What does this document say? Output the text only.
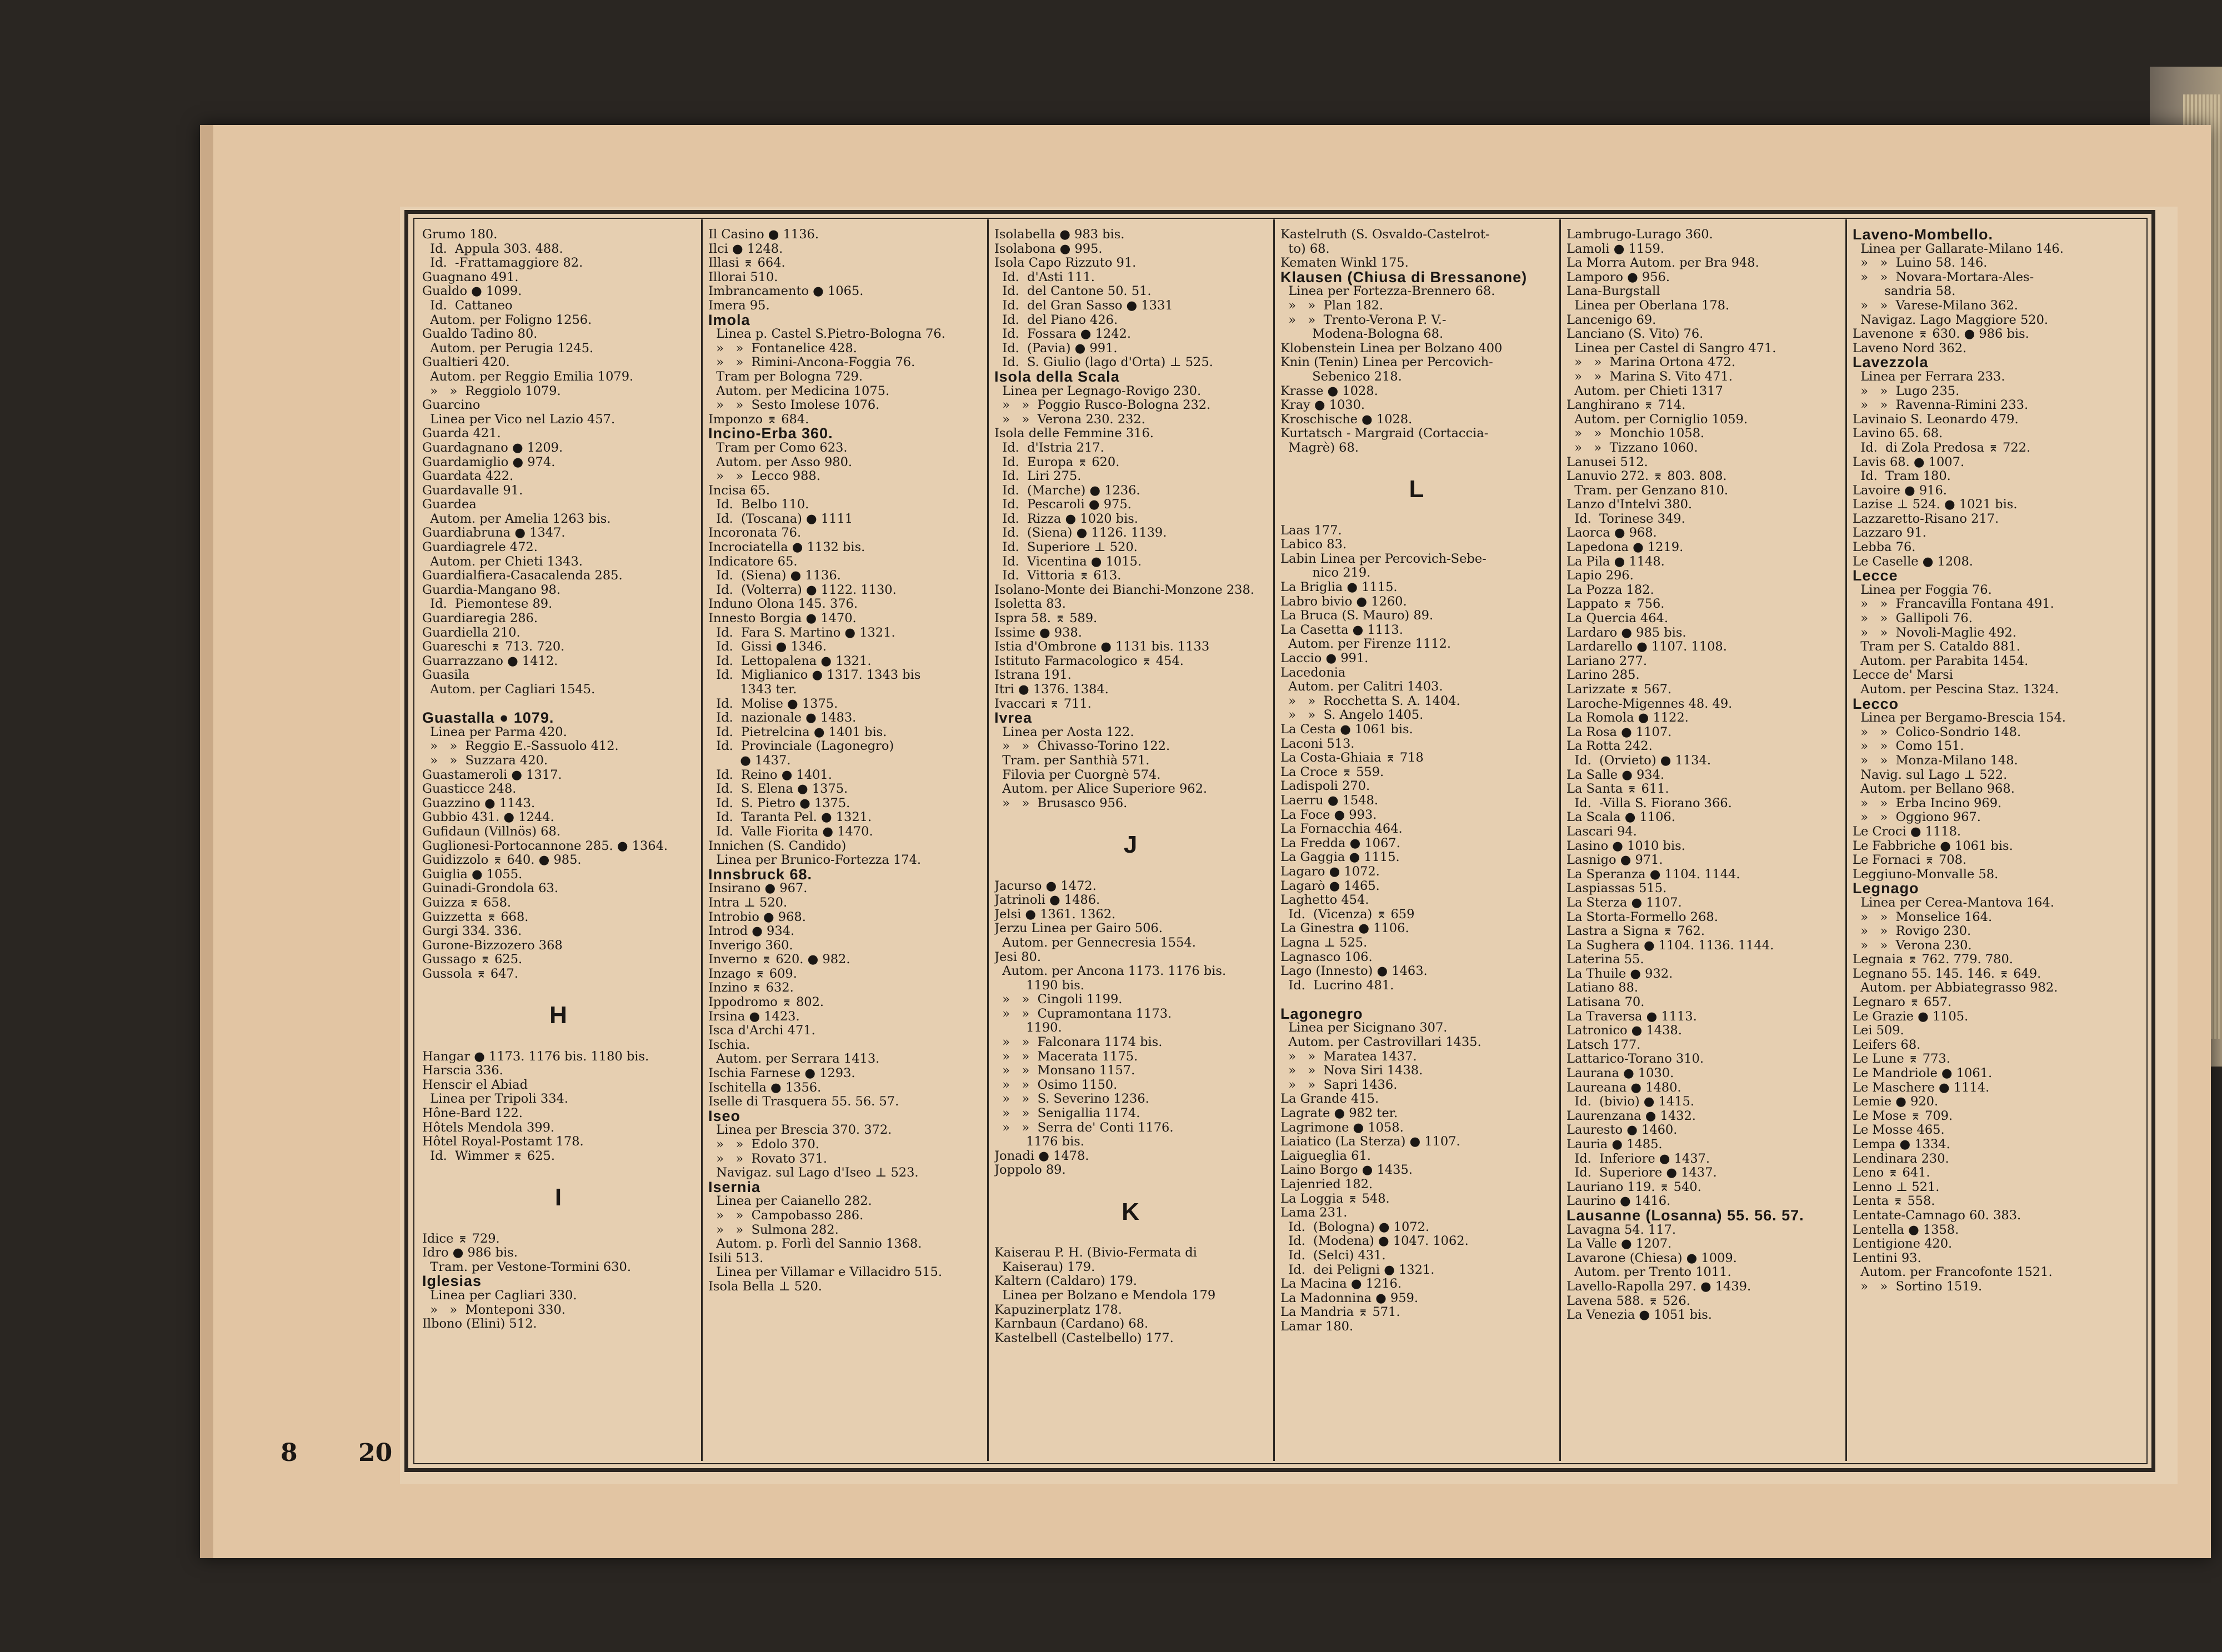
Grumo 180.
Id.  Appula 303. 488.
Id.  -Frattamaggiore 82.
Guagnano 491.
Gualdo ● 1099.
Id.  Cattaneo
Autom. per Foligno 1256.
Gualdo Tadino 80.
Autom. per Perugia 1245.
Gualtieri 420.
Autom. per Reggio Emilia 1079.
»   »  Reggiolo 1079.
Guarcino
Linea per Vico nel Lazio 457.
Guarda 421.
Guardagnano ● 1209.
Guardamiglio ● 974.
Guardata 422.
Guardavalle 91.
Guardea
Autom. per Amelia 1263 bis.
Guardiabruna ● 1347.
Guardiagrele 472.
Autom. per Chieti 1343.
Guardialfiera-Casacalenda 285.
Guardia-Mangano 98.
Id.  Piemontese 89.
Guardiaregia 286.
Guardiella 210.
Guareschi ⌆ 713. 720.
Guarrazzano ● 1412.
Guasila
Autom. per Cagliari 1545.
Guastalla ● 1079.
Linea per Parma 420.
»   »  Reggio E.-Sassuolo 412.
»   »  Suzzara 420.
Guastameroli ● 1317.
Guasticce 248.
Guazzino ● 1143.
Gubbio 431. ● 1244.
Gufidaun (Villnös) 68.
Guglionesi-Portocannone 285. ● 1364.
Guidizzolo ⌆ 640. ● 985.
Guiglia ● 1055.
Guinadi-Grondola 63.
Guizza ⌆ 658.
Guizzetta ⌆ 668.
Gurgi 334. 336.
Gurone-Bizzozero 368
Gussago ⌆ 625.
Gussola ⌆ 647.
H
Hangar ● 1173. 1176 bis. 1180 bis.
Harscia 336.
Henscir el Abiad
Linea per Tripoli 334.
Hône-Bard 122.
Hôtels Mendola 399.
Hôtel Royal-Postamt 178.
Id.  Wimmer ⌆ 625.
I
Idice ⌆ 729.
Idro ● 986 bis.
Tram. per Vestone-Tormini 630.
Iglesias
Linea per Cagliari 330.
»   »  Monteponi 330.
Ilbono (Elini) 512.
Il Casino ● 1136.
Ilci ● 1248.
Illasi ⌆ 664.
Illorai 510.
Imbrancamento ● 1065.
Imera 95.
Imola
Linea p. Castel S.Pietro-Bologna 76.
»   »  Fontanelice 428.
»   »  Rimini-Ancona-Foggia 76.
Tram per Bologna 729.
Autom. per Medicina 1075.
»   »  Sesto Imolese 1076.
Imponzo ⌆ 684.
Incino-Erba 360.
Tram per Como 623.
Autom. per Asso 980.
»   »  Lecco 988.
Incisa 65.
Id.  Belbo 110.
Id.  (Toscana) ● 1111
Incoronata 76.
Incrociatella ● 1132 bis.
Indicatore 65.
Id.  (Siena) ● 1136.
Id.  (Volterra) ● 1122. 1130.
Induno Olona 145. 376.
Innesto Borgia ● 1470.
Id.  Fara S. Martino ● 1321.
Id.  Gissi ● 1346.
Id.  Lettopalena ● 1321.
Id.  Miglianico ● 1317. 1343 bis
1343 ter.
Id.  Molise ● 1375.
Id.  nazionale ● 1483.
Id.  Pietrelcina ● 1401 bis.
Id.  Provinciale (Lagonegro)
● 1437.
Id.  Reino ● 1401.
Id.  S. Elena ● 1375.
Id.  S. Pietro ● 1375.
Id.  Taranta Pel. ● 1321.
Id.  Valle Fiorita ● 1470.
Innichen (S. Candido)
Linea per Brunico-Fortezza 174.
Innsbruck 68.
Insirano ● 967.
Intra ⊥ 520.
Introbio ● 968.
Introd ● 934.
Inverigo 360.
Inverno ⌆ 620. ● 982.
Inzago ⌆ 609.
Inzino ⌆ 632.
Ippodromo ⌆ 802.
Irsina ● 1423.
Isca d'Archi 471.
Ischia.
Autom. per Serrara 1413.
Ischia Farnese ● 1293.
Ischitella ● 1356.
Iselle di Trasquera 55. 56. 57.
Iseo
Linea per Brescia 370. 372.
»   »  Edolo 370.
»   »  Rovato 371.
Navigaz. sul Lago d'Iseo ⊥ 523.
Isernia
Linea per Caianello 282.
»   »  Campobasso 286.
»   »  Sulmona 282.
Autom. p. Forlì del Sannio 1368.
Isili 513.
Linea per Villamar e Villacidro 515.
Isola Bella ⊥ 520.
Isolabella ● 983 bis.
Isolabona ● 995.
Isola Capo Rizzuto 91.
Id.  d'Asti 111.
Id.  del Cantone 50. 51.
Id.  del Gran Sasso ● 1331
Id.  del Piano 426.
Id.  Fossara ● 1242.
Id.  (Pavia) ● 991.
Id.  S. Giulio (lago d'Orta) ⊥ 525.
Isola della Scala
Linea per Legnago-Rovigo 230.
»   »  Poggio Rusco-Bologna 232.
»   »  Verona 230. 232.
Isola delle Femmine 316.
Id.  d'Istria 217.
Id.  Europa ⌆ 620.
Id.  Liri 275.
Id.  (Marche) ● 1236.
Id.  Pescaroli ● 975.
Id.  Rizza ● 1020 bis.
Id.  (Siena) ● 1126. 1139.
Id.  Superiore ⊥ 520.
Id.  Vicentina ● 1015.
Id.  Vittoria ⌆ 613.
Isolano-Monte dei Bianchi-Monzone 238.
Isoletta 83.
Ispra 58. ⌆ 589.
Issime ● 938.
Istia d'Ombrone ● 1131 bis. 1133
Istituto Farmacologico ⌆ 454.
Istrana 191.
Itri ● 1376. 1384.
Ivaccari ⌆ 711.
Ivrea
Linea per Aosta 122.
»   »  Chivasso-Torino 122.
Tram. per Santhià 571.
Filovia per Cuorgnè 574.
Autom. per Alice Superiore 962.
»   »  Brusasco 956.
J
Jacurso ● 1472.
Jatrinoli ● 1486.
Jelsi ● 1361. 1362.
Jerzu Linea per Gairo 506.
Autom. per Gennecresia 1554.
Jesi 80.
Autom. per Ancona 1173. 1176 bis.
1190 bis.
»   »  Cingoli 1199.
»   »  Cupramontana 1173.
1190.
»   »  Falconara 1174 bis.
»   »  Macerata 1175.
»   »  Monsano 1157.
»   »  Osimo 1150.
»   »  S. Severino 1236.
»   »  Senigallia 1174.
»   »  Serra de' Conti 1176.
1176 bis.
Jonadi ● 1478.
Joppolo 89.
K
Kaiserau P. H. (Bivio-Fermata di
Kaiserau) 179.
Kaltern (Caldaro) 179.
Linea per Bolzano e Mendola 179
Kapuzinerplatz 178.
Karnbaun (Cardano) 68.
Kastelbell (Castelbello) 177.
Kastelruth (S. Osvaldo-Castelrot-
to) 68.
Kematen Winkl 175.
Klausen (Chiusa di Bressanone)
Linea per Fortezza-Brennero 68.
»   »  Plan 182.
»   »  Trento-Verona P. V.-
Modena-Bologna 68.
Klobenstein Linea per Bolzano 400
Knin (Tenin) Linea per Percovich-
Sebenico 218.
Krasse ● 1028.
Kray ● 1030.
Kroschische ● 1028.
Kurtatsch - Margraid (Cortaccia-
Magrè) 68.
L
Laas 177.
Labico 83.
Labin Linea per Percovich-Sebe-
nico 219.
La Briglia ● 1115.
Labro bivio ● 1260.
La Bruca (S. Mauro) 89.
La Casetta ● 1113.
Autom. per Firenze 1112.
Laccio ● 991.
Lacedonia
Autom. per Calitri 1403.
»   »  Rocchetta S. A. 1404.
»   »  S. Angelo 1405.
La Cesta ● 1061 bis.
Laconi 513.
La Costa-Ghiaia ⌆ 718
La Croce ⌆ 559.
Ladispoli 270.
Laerru ● 1548.
La Foce ● 993.
La Fornacchia 464.
La Fredda ● 1067.
La Gaggia ● 1115.
Lagaro ● 1072.
Lagarò ● 1465.
Laghetto 454.
Id.  (Vicenza) ⌆ 659
La Ginestra ● 1106.
Lagna ⊥ 525.
Lagnasco 106.
Lago (Innesto) ● 1463.
Id.  Lucrino 481.
Lagonegro
Linea per Sicignano 307.
Autom. per Castrovillari 1435.
»   »  Maratea 1437.
»   »  Nova Siri 1438.
»   »  Sapri 1436.
La Grande 415.
Lagrate ● 982 ter.
Lagrimone ● 1058.
Laiatico (La Sterza) ● 1107.
Laigueglia 61.
Laino Borgo ● 1435.
Lajenried 182.
La Loggia ⌆ 548.
Lama 231.
Id.  (Bologna) ● 1072.
Id.  (Modena) ● 1047. 1062.
Id.  (Selci) 431.
Id.  dei Peligni ● 1321.
La Macina ● 1216.
La Madonnina ● 959.
La Mandria ⌆ 571.
Lamar 180.
Lambrugo-Lurago 360.
Lamoli ● 1159.
La Morra Autom. per Bra 948.
Lamporo ● 956.
Lana-Burgstall
Linea per Oberlana 178.
Lancenigo 69.
Lanciano (S. Vito) 76.
Linea per Castel di Sangro 471.
»   »  Marina Ortona 472.
»   »  Marina S. Vito 471.
Autom. per Chieti 1317
Langhirano ⌆ 714.
Autom. per Corniglio 1059.
»   »  Monchio 1058.
»   »  Tizzano 1060.
Lanusei 512.
Lanuvio 272. ⌆ 803. 808.
Tram. per Genzano 810.
Lanzo d'Intelvi 380.
Id.  Torinese 349.
Laorca ● 968.
Lapedona ● 1219.
La Pila ● 1148.
Lapio 296.
La Pozza 182.
Lappato ⌆ 756.
La Quercia 464.
Lardaro ● 985 bis.
Lardarello ● 1107. 1108.
Lariano 277.
Larino 285.
Larizzate ⌆ 567.
Laroche-Migennes 48. 49.
La Romola ● 1122.
La Rosa ● 1107.
La Rotta 242.
Id.  (Orvieto) ● 1134.
La Salle ● 934.
La Santa ⌆ 611.
Id.  -Villa S. Fiorano 366.
La Scala ● 1106.
Lascari 94.
Lasino ● 1010 bis.
Lasnigo ● 971.
La Speranza ● 1104. 1144.
Laspiassas 515.
La Sterza ● 1107.
La Storta-Formello 268.
Lastra a Signa ⌆ 762.
La Sughera ● 1104. 1136. 1144.
Laterina 55.
La Thuile ● 932.
Latiano 88.
Latisana 70.
La Traversa ● 1113.
Latronico ● 1438.
Latsch 177.
Lattarico-Torano 310.
Laurana ● 1030.
Laureana ● 1480.
Id.  (bivio) ● 1415.
Laurenzana ● 1432.
Lauresto ● 1460.
Lauria ● 1485.
Id.  Inferiore ● 1437.
Id.  Superiore ● 1437.
Lauriano 119. ⌆ 540.
Laurino ● 1416.
Lausanne (Losanna) 55. 56. 57.
Lavagna 54. 117.
La Valle ● 1207.
Lavarone (Chiesa) ● 1009.
Autom. per Trento 1011.
Lavello-Rapolla 297. ● 1439.
Lavena 588. ⌆ 526.
La Venezia ● 1051 bis.
Laveno-Mombello.
Linea per Gallarate-Milano 146.
»   »  Luino 58. 146.
»   »  Novara-Mortara-Ales-
sandria 58.
»   »  Varese-Milano 362.
Navigaz. Lago Maggiore 520.
Lavenone ⌆ 630. ● 986 bis.
Laveno Nord 362.
Lavezzola
Linea per Ferrara 233.
»   »  Lugo 235.
»   »  Ravenna-Rimini 233.
Lavinaio S. Leonardo 479.
Lavino 65. 68.
Id.  di Zola Predosa ⌆ 722.
Lavis 68. ● 1007.
Id.  Tram 180.
Lavoire ● 916.
Lazise ⊥ 524. ● 1021 bis.
Lazzaretto-Risano 217.
Lazzaro 91.
Lebba 76.
Le Caselle ● 1208.
Lecce
Linea per Foggia 76.
»   »  Francavilla Fontana 491.
»   »  Gallipoli 76.
»   »  Novoli-Maglie 492.
Tram per S. Cataldo 881.
Autom. per Parabita 1454.
Lecce de' Marsi
Autom. per Pescina Staz. 1324.
Lecco
Linea per Bergamo-Brescia 154.
»   »  Colico-Sondrio 148.
»   »  Como 151.
»   »  Monza-Milano 148.
Navig. sul Lago ⊥ 522.
Autom. per Bellano 968.
»   »  Erba Incino 969.
»   »  Oggiono 967.
Le Croci ● 1118.
Le Fabbriche ● 1061 bis.
Le Fornaci ⌆ 708.
Leggiuno-Monvalle 58.
Legnago
Linea per Cerea-Mantova 164.
»   »  Monselice 164.
»   »  Rovigo 230.
»   »  Verona 230.
Legnaia ⌆ 762. 779. 780.
Legnano 55. 145. 146. ⌆ 649.
Autom. per Abbiategrasso 982.
Legnaro ⌆ 657.
Le Grazie ● 1105.
Lei 509.
Leifers 68.
Le Lune ⌆ 773.
Le Mandriole ● 1061.
Le Maschere ● 1114.
Lemie ● 920.
Le Mose ⌆ 709.
Le Mosse 465.
Lempa ● 1334.
Lendinara 230.
Leno ⌆ 641.
Lenno ⊥ 521.
Lenta ⌆ 558.
Lentate-Camnago 60. 383.
Lentella ● 1358.
Lentigione 420.
Lentini 93.
Autom. per Francofonte 1521.
»   »  Sortino 1519.
8 20
